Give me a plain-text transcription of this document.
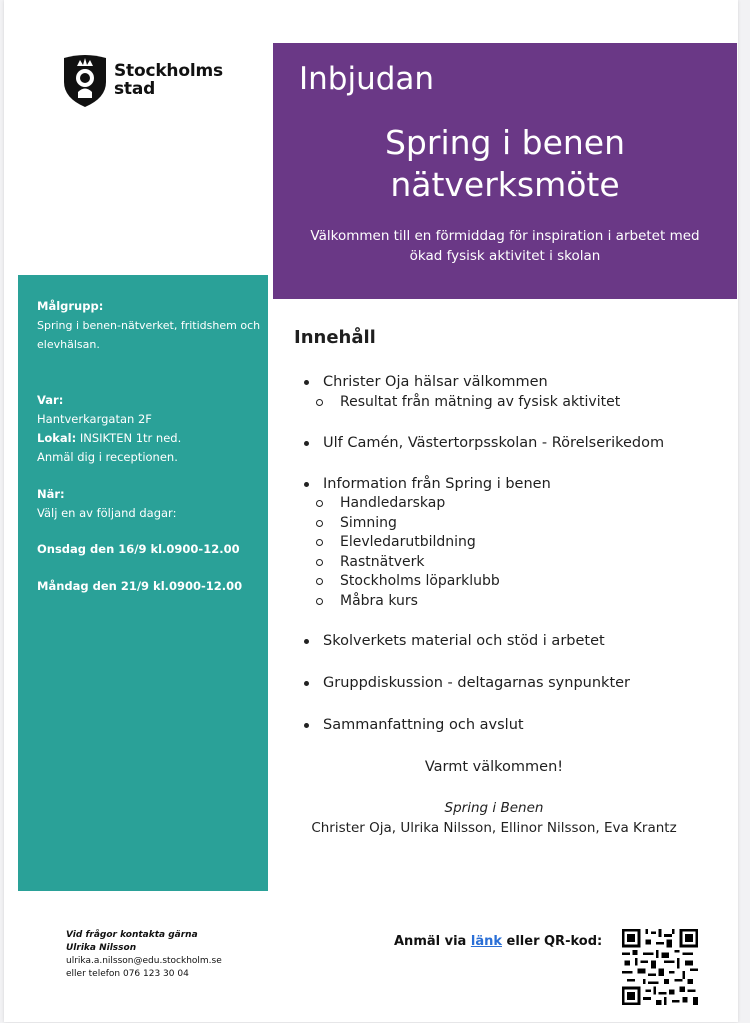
Stockholms
stad	Inbjudan
Spring i benen
nätverksmöte
Välkommen till en förmiddag för inspiration i arbetet med ökad fysisk aktivitet i skolan
Målgrupp:
Spring i benen-nätverket, fritidshem och elevhälsan.
Var:
Hantverkargatan 2F
Lokal: INSIKTEN 1tr ned.
Anmäl dig i receptionen.
När:
Välj en av följand dagar:
Onsdag den 16/9 kl.0900-12.00
Måndag den 21/9 kl.0900-12.00
Innehåll
Christer Oja hälsar välkommen
Resultat från mätning av fysisk aktivitet
Ulf Camén, Västertorpsskolan - Rörelserikedom
Information från Spring i benen
Handledarskap
Simning
Elevledarutbildning
Rastnätverk
Stockholms löparklubb
Måbra kurs
Skolverkets material och stöd i arbetet
Gruppdiskussion - deltagarnas synpunkter
Sammanfattning och avslut
Varmt välkommen!
Spring i Benen
Christer Oja, Ulrika Nilsson, Ellinor Nilsson, Eva Krantz
Vid frågor kontakta gärna
Ulrika Nilsson
ulrika.a.nilsson@edu.stockholm.se
eller telefon 076 123 30 04
Anmäl via länk eller QR-kod:
